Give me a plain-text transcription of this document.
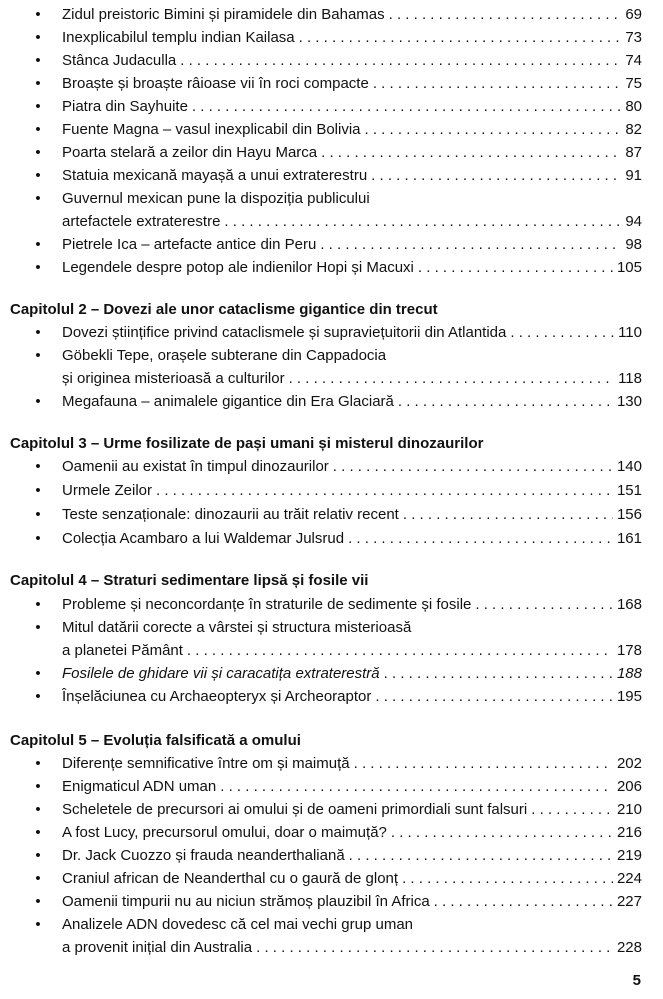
• Zidul preistoric Bimini și piramidele din Bahamas . . .	69
• Inexplicabilul templu indian Kailasa . . .	73
• Stânca Judaculla . . .	74
• Broaște și broaște râioase vii în roci compacte . . .	75
• Piatra din Sayhuite . . .	80
• Fuente Magna – vasul inexplicabil din Bolivia . . .	82
• Poarta stelară a zeilor din Hayu Marca . . .	87
• Statuia mexicană mayașă a unui extraterestru . . .	91
• Guvernul mexican pune la dispoziția publicului
artefactele extraterestre . . .	94
• Pietrele Ica – artefacte antice din Peru . . .	98
• Legendele despre potop ale indienilor Hopi și Macuxi . . .	105
Capitolul 2 – Dovezi ale unor cataclisme gigantice din trecut
• Dovezi științifice privind cataclismele și supraviețuitorii din Atlantida . . .	110
• Göbekli Tepe, orașele subterane din Cappadocia
și originea misterioasă a culturilor . . .	118
• Megafauna – animalele gigantice din Era Glaciară . . .	130
Capitolul 3 – Urme fosilizate de pași umani și misterul dinozaurilor
• Oamenii au existat în timpul dinozaurilor . . .	140
• Urmele Zeilor . . .	151
• Teste senzaționale: dinozaurii au trăit relativ recent . . .	156
• Colecția Acambaro a lui Waldemar Julsrud . . .	161
Capitolul 4 – Straturi sedimentare lipsă și fosile vii
• Probleme și neconcordanțe în straturile de sedimente și fosile . . .	168
• Mitul datării corecte a vârstei și structura misterioasă
a planetei Pământ . . .	178
• Fosilele de ghidare vii și caracatița extraterestră . . .	188
• Înșelăciunea cu Archaeopteryx și Archeoraptor . . .	195
Capitolul 5 – Evoluția falsificată a omului
• Diferențe semnificative între om și maimuță . . .	202
• Enigmaticul ADN uman . . .	206
• Scheletele de precursori ai omului și de oameni primordiali sunt falsuri . . .	210
• A fost Lucy, precursorul omului, doar o maimuță? . . .	216
• Dr. Jack Cuozzo și frauda neanderthaliană . . .	219
• Craniul african de Neanderthal cu o gaură de glonț . . .	224
• Oamenii timpurii nu au niciun strămoș plauzibil în Africa . . .	227
• Analizele ADN dovedesc că cel mai vechi grup uman
a provenit inițial din Australia . . .	228
5
